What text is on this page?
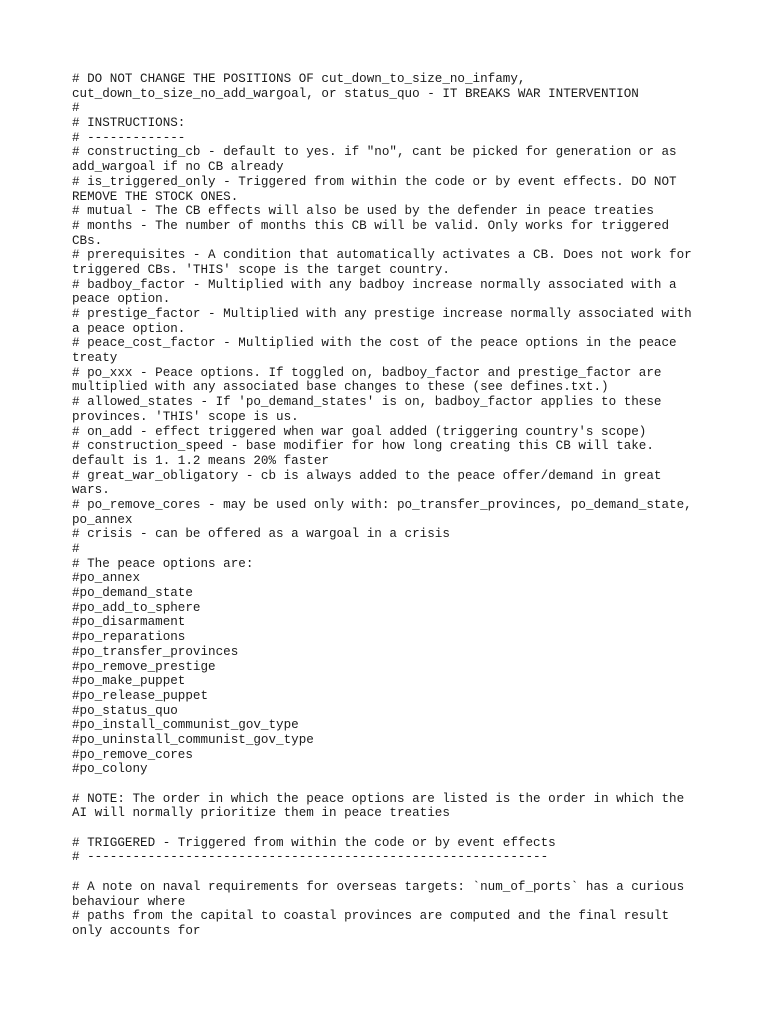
# DO NOT CHANGE THE POSITIONS OF cut_down_to_size_no_infamy,
cut_down_to_size_no_add_wargoal, or status_quo - IT BREAKS WAR INTERVENTION
#
# INSTRUCTIONS:
# -------------
# constructing_cb - default to yes. if "no", cant be picked for generation or as
add_wargoal if no CB already
# is_triggered_only - Triggered from within the code or by event effects. DO NOT
REMOVE THE STOCK ONES.
# mutual - The CB effects will also be used by the defender in peace treaties
# months - The number of months this CB will be valid. Only works for triggered
CBs.
# prerequisites - A condition that automatically activates a CB. Does not work for
triggered CBs. 'THIS' scope is the target country.
# badboy_factor - Multiplied with any badboy increase normally associated with a
peace option.
# prestige_factor - Multiplied with any prestige increase normally associated with
a peace option.
# peace_cost_factor - Multiplied with the cost of the peace options in the peace
treaty
# po_xxx - Peace options. If toggled on, badboy_factor and prestige_factor are
multiplied with any associated base changes to these (see defines.txt.)
# allowed_states - If 'po_demand_states' is on, badboy_factor applies to these
provinces. 'THIS' scope is us.
# on_add - effect triggered when war goal added (triggering country's scope)
# construction_speed - base modifier for how long creating this CB will take.
default is 1. 1.2 means 20% faster
# great_war_obligatory - cb is always added to the peace offer/demand in great
wars.
# po_remove_cores - may be used only with: po_transfer_provinces, po_demand_state,
po_annex
# crisis - can be offered as a wargoal in a crisis
#
# The peace options are:
#po_annex
#po_demand_state
#po_add_to_sphere
#po_disarmament
#po_reparations
#po_transfer_provinces
#po_remove_prestige
#po_make_puppet
#po_release_puppet
#po_status_quo
#po_install_communist_gov_type
#po_uninstall_communist_gov_type
#po_remove_cores
#po_colony
# NOTE: The order in which the peace options are listed is the order in which the
AI will normally prioritize them in peace treaties
# TRIGGERED - Triggered from within the code or by event effects
# -------------------------------------------------------------
# A note on naval requirements for overseas targets: `num_of_ports` has a curious
behaviour where
# paths from the capital to coastal provinces are computed and the final result
only accounts for
